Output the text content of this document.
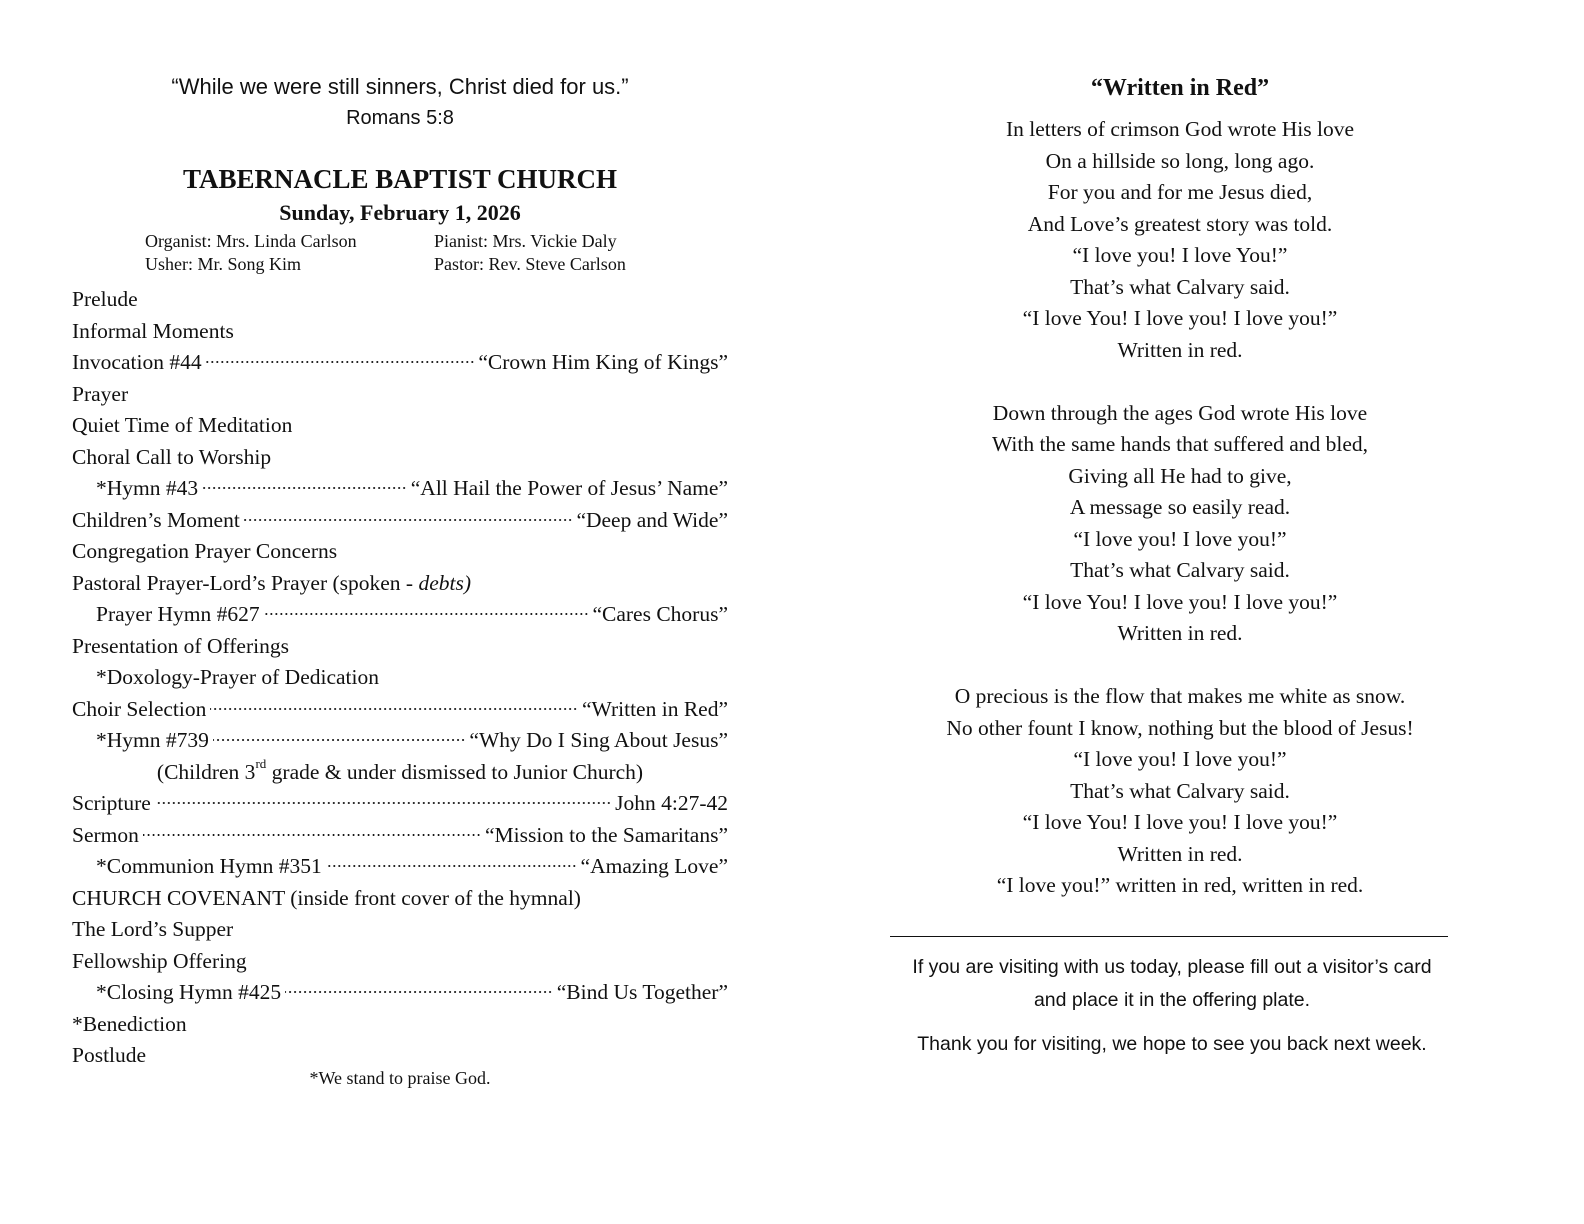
“While we were still sinners, Christ died for us.”
Romans 5:8
TABERNACLE BAPTIST CHURCH
Sunday, February 1, 2026
Organist: Mrs. Linda Carlson	Pianist: Mrs. Vickie Daly
Usher: Mr. Song Kim	Pastor: Rev. Steve Carlson
Prelude
Informal Moments
Invocation #44	“Crown Him King of Kings”
Prayer
Quiet Time of Meditation
Choral Call to Worship
*Hymn #43	“All Hail the Power of Jesus’ Name”
Children’s Moment	“Deep and Wide”
Congregation Prayer Concerns
Pastoral Prayer-Lord’s Prayer (spoken - debts)
Prayer Hymn #627	“Cares Chorus”
Presentation of Offerings
*Doxology-Prayer of Dedication
Choir Selection	“Written in Red”
*Hymn #739	“Why Do I Sing About Jesus”
(Children 3rd grade & under dismissed to Junior Church)
Scripture	John 4:27-42
Sermon	“Mission to the Samaritans”
*Communion Hymn #351	“Amazing Love”
CHURCH COVENANT (inside front cover of the hymnal)
The Lord’s Supper
Fellowship Offering
*Closing Hymn #425	“Bind Us Together”
*Benediction
Postlude
*We stand to praise God.
“Written in Red”
In letters of crimson God wrote His love
On a hillside so long, long ago.
For you and for me Jesus died,
And Love’s greatest story was told.
“I love you! I love You!”
That’s what Calvary said.
“I love You! I love you! I love you!”
Written in red.
Down through the ages God wrote His love
With the same hands that suffered and bled,
Giving all He had to give,
A message so easily read.
“I love you! I love you!”
That’s what Calvary said.
“I love You! I love you! I love you!”
Written in red.
O precious is the flow that makes me white as snow.
No other fount I know, nothing but the blood of Jesus!
“I love you! I love you!”
That’s what Calvary said.
“I love You! I love you! I love you!”
Written in red.
“I love you!” written in red, written in red.
If you are visiting with us today, please fill out a visitor’s card
and place it in the offering plate.
Thank you for visiting, we hope to see you back next week.
